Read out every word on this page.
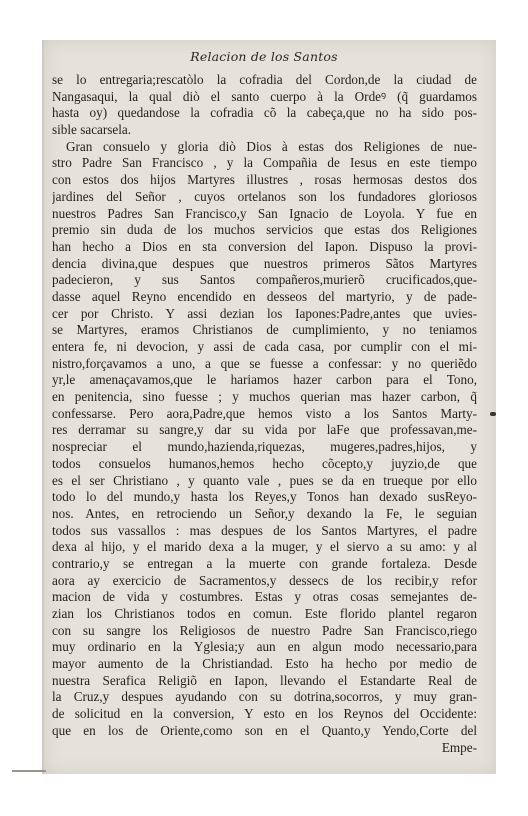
Relacion de los Santos
se lo entregaria;rescatòlo la cofradia del Cordon,de la ciudad de
Nangasaqui, la qual diò el santo cuerpo à la Ordeꝰ (q̃ guardamos
hasta oy) quedandose la cofradia cõ la cabeça,que no ha sido pos-
sible sacarsela.
Gran consuelo y gloria diò Dios à estas dos Religiones de nue-
stro Padre San Francisco , y la Compañia de Iesus en este tiempo
con estos dos hijos Martyres illustres , rosas hermosas destos dos
jardines del Señor , cuyos ortelanos son los fundadores gloriosos
nuestros Padres San Francisco,y San Ignacio de Loyola. Y fue en
premio sin duda de los muchos servicios que estas dos Religiones
han hecho a Dios en sta conversion del Iapon. Dispuso la provi-
dencia divina,que despues que nuestros primeros Sãtos Martyres
padecieron, y sus Santos compañeros,murierõ crucificados,que-
dasse aquel Reyno encendido en desseos del martyrio, y de pade-
cer por Christo. Y assi dezian los Iapones:Padre,antes que uvies-
se Martyres, eramos Christianos de cumplimiento, y no teniamos
entera fe, ni devocion, y assi de cada casa, por cumplir con el mi-
nistro,forçavamos a uno, a que se fuesse a confessar: y no queriẽdo
yr,le amenaçavamos,que le hariamos hazer carbon para el Tono,
en penitencia, sino fuesse ; y muchos querian mas hazer carbon, q̃
confessarse. Pero aora,Padre,que hemos visto a los Santos Marty-
res derramar su sangre,y dar su vida por laFe que professavan,me-
nospreciar el mundo,hazienda,riquezas, mugeres,padres,hijos, y
todos consuelos humanos,hemos hecho cõcepto,y juyzio,de que
es el ser Christiano , y quanto vale , pues se da en trueque por ello
todo lo del mundo,y hasta los Reyes,y Tonos han dexado susReyo-
nos. Antes, en retrociendo un Señor,y dexando la Fe, le seguian
todos sus vassallos : mas despues de los Santos Martyres, el padre
dexa al hijo, y el marido dexa a la muger, y el siervo a su amo: y al
contrario,y se entregan a la muerte con grande fortaleza. Desde
aora ay exercicio de Sacramentos,y dessecs de los recibir,y refor
macion de vida y costumbres. Estas y otras cosas semejantes de-
zian los Christianos todos en comun. Este florido plantel regaron
con su sangre los Religiosos de nuestro Padre San Francisco,riego
muy ordinario en la Yglesia;y aun en algun modo necessario,para
mayor aumento de la Christiandad. Esto ha hecho por medio de
nuestra Serafica Religiõ en Iapon, llevando el Estandarte Real de
la Cruz,y despues ayudando con su dotrina,socorros, y muy gran-
de solicitud en la conversion, Y esto en los Reynos del Occidente:
que en los de Oriente,como son en el Quanto,y Yendo,Corte del
Empe-
